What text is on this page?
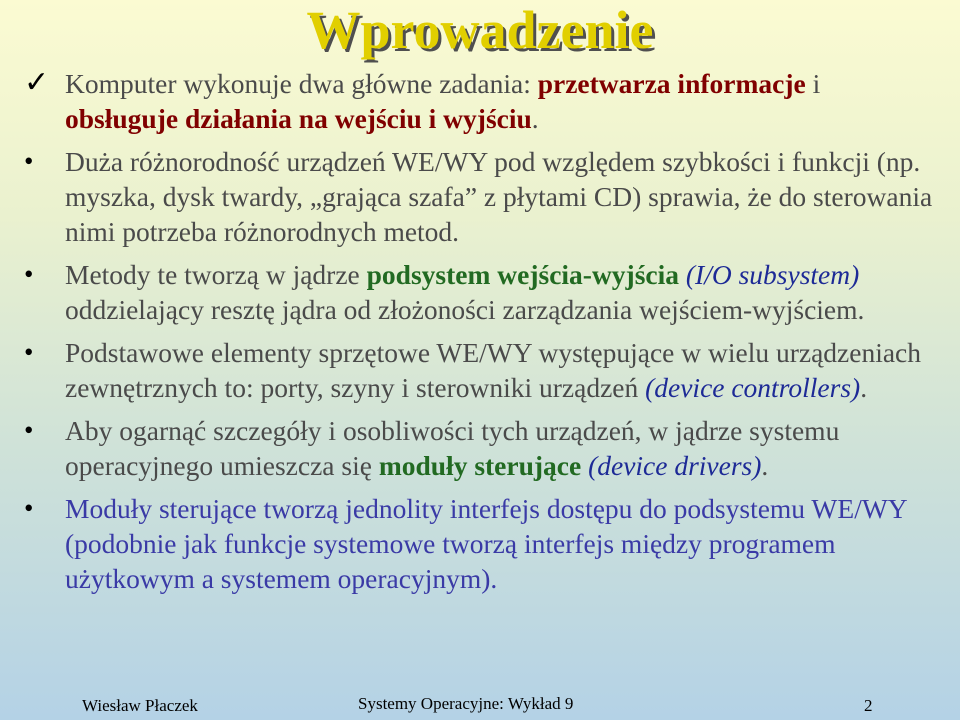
Wprowadzenie
✓ Komputer wykonuje dwa główne zadania: przetwarza informacje i obsługuje działania na wejściu i wyjściu.
•	Duża różnorodność urządzeń WE/WY pod względem szybkości i funkcji (np. myszka, dysk twardy, „grająca szafa” z płytami CD) sprawia, że do sterowania nimi potrzeba różnorodnych metod.
•	Metody te tworzą w jądrze podsystem wejścia-wyjścia (I/O subsystem) oddzielający resztę jądra od złożoności zarządzania wejściem-wyjściem.
•	Podstawowe elementy sprzętowe WE/WY występujące w wielu urządzeniach zewnętrznych to: porty, szyny i sterowniki urządzeń (device controllers).
•	Aby ogarnąć szczegóły i osobliwości tych urządzeń, w jądrze systemu operacyjnego umieszcza się moduły sterujące (device drivers).
•	Moduły sterujące tworzą jednolity interfejs dostępu do podsystemu WE/WY (podobnie jak funkcje systemowe tworzą interfejs między programem użytkowym a systemem operacyjnym).
Wiesław Płaczek	Systemy Operacyjne: Wykład 9	2
